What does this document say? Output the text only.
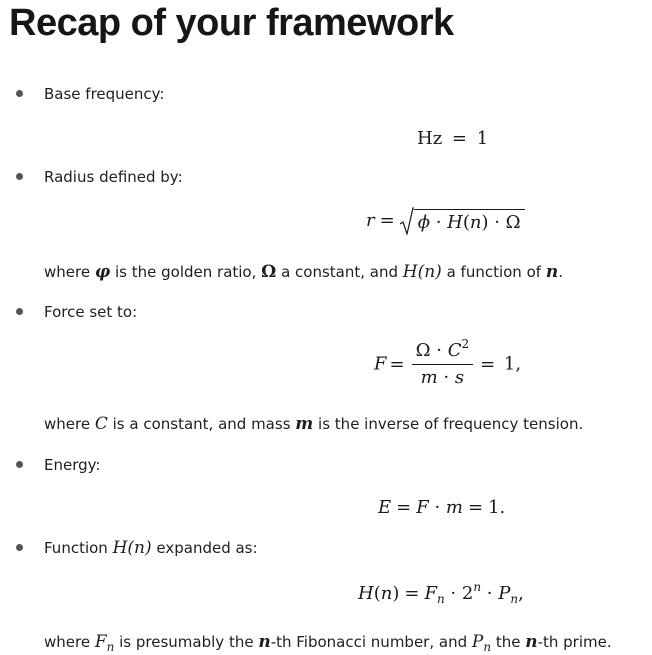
Recap of your framework
Base frequency:
Hz = 1
Radius defined by:
r = ϕ · H(n) · Ω
where φ is the golden ratio, Ω a constant, and H(n) a function of n.
Force set to:
$F = \frac{\Omega \cdot C^2}{m \cdot s} = 1$,
where C is a constant, and mass m is the inverse of frequency tension.
Energy:
E = F · m = 1.
Function H(n) expanded as:
$H(n) = F_n \cdot 2^n \cdot P_n$,
where $F_n$ is presumably the n-th Fibonacci number, and $P_n$ the n-th prime.
